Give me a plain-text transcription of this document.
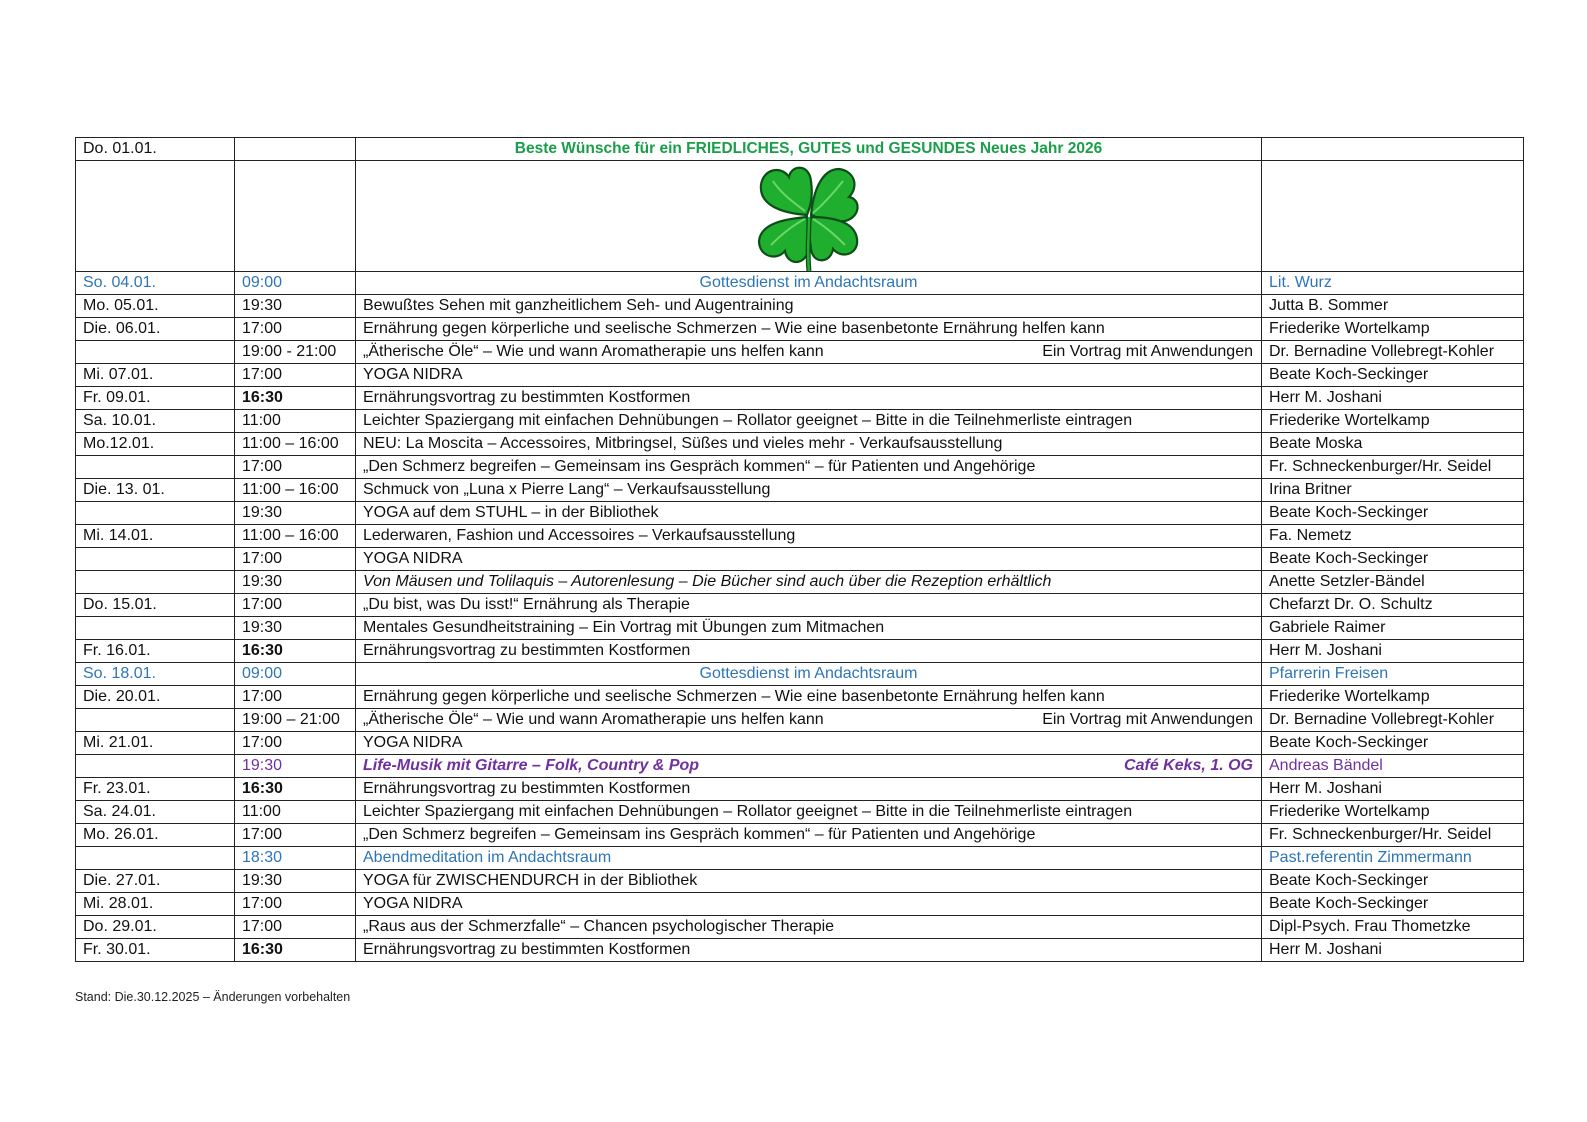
Do. 01.01.		Beste Wünsche für ein FRIEDLICHES, GUTES und GESUNDES Neues Jahr 2026	

So. 04.01.	09:00	Gottesdienst im Andachtsraum	Lit. Wurz
Mo. 05.01.	19:30	Bewußtes Sehen mit ganzheitlichem Seh- und Augentraining	Jutta B. Sommer
Die. 06.01.	17:00	Ernährung gegen körperliche und seelische Schmerzen – Wie eine basenbetonte Ernährung helfen kann	Friederike Wortelkamp
	19:00 - 21:00	„Ätherische Öle“ – Wie und wann Aromatherapie uns helfen kann Ein Vortrag mit Anwendungen	Dr. Bernadine Vollebregt-Kohler
Mi. 07.01.	17:00	YOGA NIDRA	Beate Koch-Seckinger
Fr. 09.01.	16:30	Ernährungsvortrag zu bestimmten Kostformen	Herr M. Joshani
Sa. 10.01.	11:00	Leichter Spaziergang mit einfachen Dehnübungen – Rollator geeignet – Bitte in die Teilnehmerliste eintragen	Friederike Wortelkamp
Mo.12.01.	11:00 – 16:00	NEU: La Moscita – Accessoires, Mitbringsel, Süßes und vieles mehr - Verkaufsausstellung	Beate Moska
	17:00	„Den Schmerz begreifen – Gemeinsam ins Gespräch kommen“ – für Patienten und Angehörige	Fr. Schneckenburger/Hr. Seidel
Die. 13. 01.	11:00 – 16:00	Schmuck von „Luna x Pierre Lang“ – Verkaufsausstellung	Irina Britner
	19:30	YOGA auf dem STUHL – in der Bibliothek	Beate Koch-Seckinger
Mi. 14.01.	11:00 – 16:00	Lederwaren, Fashion und Accessoires – Verkaufsausstellung	Fa. Nemetz
	17:00	YOGA NIDRA	Beate Koch-Seckinger
	19:30	Von Mäusen und Tolilaquis – Autorenlesung – Die Bücher sind auch über die Rezeption erhältlich	Anette Setzler-Bändel
Do. 15.01.	17:00	„Du bist, was Du isst!“ Ernährung als Therapie	Chefarzt Dr. O. Schultz
	19:30	Mentales Gesundheitstraining – Ein Vortrag mit Übungen zum Mitmachen	Gabriele Raimer
Fr. 16.01.	16:30	Ernährungsvortrag zu bestimmten Kostformen	Herr M. Joshani
So. 18.01.	09:00	Gottesdienst im Andachtsraum	Pfarrerin Freisen
Die. 20.01.	17:00	Ernährung gegen körperliche und seelische Schmerzen – Wie eine basenbetonte Ernährung helfen kann	Friederike Wortelkamp
	19:00 – 21:00	„Ätherische Öle“ – Wie und wann Aromatherapie uns helfen kann Ein Vortrag mit Anwendungen	Dr. Bernadine Vollebregt-Kohler
Mi. 21.01.	17:00	YOGA NIDRA	Beate Koch-Seckinger
	19:30	Life-Musik mit Gitarre – Folk, Country & Pop Café Keks, 1. OG	Andreas Bändel
Fr. 23.01.	16:30	Ernährungsvortrag zu bestimmten Kostformen	Herr M. Joshani
Sa. 24.01.	11:00	Leichter Spaziergang mit einfachen Dehnübungen – Rollator geeignet – Bitte in die Teilnehmerliste eintragen	Friederike Wortelkamp
Mo. 26.01.	17:00	„Den Schmerz begreifen – Gemeinsam ins Gespräch kommen“ – für Patienten und Angehörige	Fr. Schneckenburger/Hr. Seidel
	18:30	Abendmeditation im Andachtsraum	Past.referentin Zimmermann
Die. 27.01.	19:30	YOGA für ZWISCHENDURCH in der Bibliothek	Beate Koch-Seckinger
Mi. 28.01.	17:00	YOGA NIDRA	Beate Koch-Seckinger
Do. 29.01.	17:00	„Raus aus der Schmerzfalle“ – Chancen psychologischer Therapie	Dipl-Psych. Frau Thometzke
Fr. 30.01.	16:30	Ernährungsvortrag zu bestimmten Kostformen	Herr M. Joshani
Stand: Die.30.12.2025 – Änderungen vorbehalten
